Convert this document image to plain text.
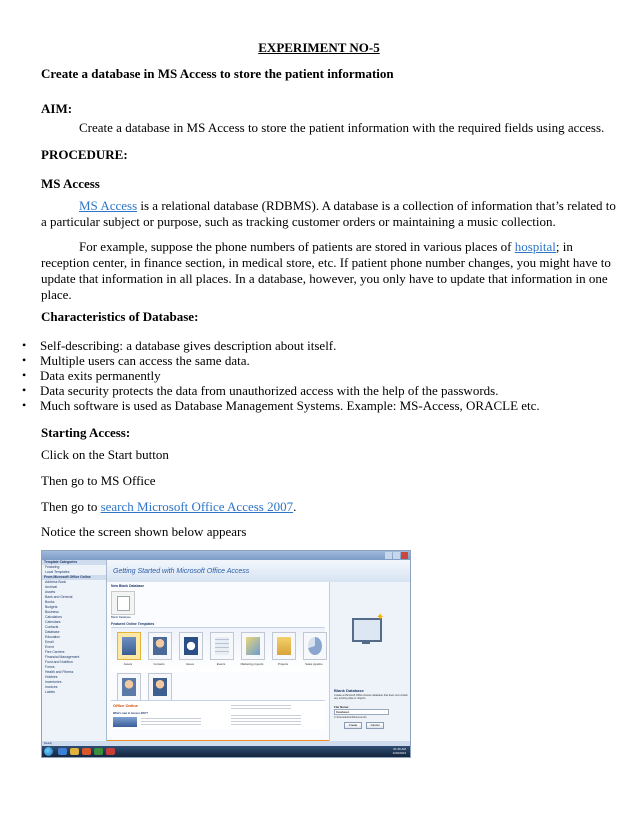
EXPERIMENT NO-5
Create a database in MS Access to store the patient information
AIM:
Create a database in MS Access to store the patient information with the required fields using access.
PROCEDURE:
MS Access
MS Access is a relational database (RDBMS). A database is a collection of information that’s related to
a particular subject or purpose, such as tracking customer orders or maintaining a music collection.
For example, suppose the phone numbers of patients are stored in various places of hospital; in
reception center, in finance section, in medical store, etc. If patient phone number changes, you might have to
update that information in all places. In a database, however, you only have to update that information in one
place.
Characteristics of Database:
• Self-describing: a database gives description about itself.
• Multiple users can access the same data.
• Data exits permanently
• Data security protects the data from unauthorized access with the help of the passwords.
• Much software is used as Database Management Systems. Example: MS-Access, ORACLE etc.
Starting Access:
Click on the Start button
Then go to MS Office
Then go to search Microsoft Office Access 2007.
Notice the screen shown below appears
Template Categories
Featuring
Local Templates
From Microsoft Office Online
Address Book
Archival
Assets
Bank and General
Books
Budgets
Business
Calculators
Calendars
Contacts
Database
Education
Email
Event
Flex Carriers
Financial Management
Food and Nutrition
Forms
Health and Fitness
Hobbies
Inventories
Invoices
Labels
Getting Started with Microsoft Office Access
New Blank Database
Blank Database
Featured Online Templates
Assets	Contacts	Issues	Events	Marketing projects	Projects	Sales pipeline
Office Online
What's new in Access 2007?
✦
Blank Database
Create a Microsoft Office Access database that does not contain any existing data or objects.
File Name:
Database1
C:\Users\admin\Documents\
Create	Cancel
Ready
01:46 AM
1/30/2013
